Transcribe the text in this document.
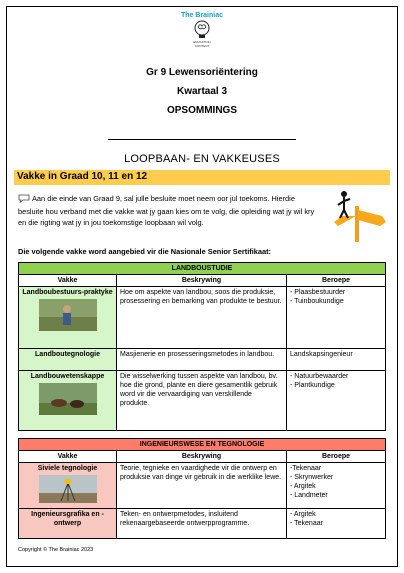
The Brainiac
EDUCATION
CONTENT
Gr 9 Lewensoriëntering
Kwartaal 3
OPSOMMINGS
LOOPBAAN- EN VAKKEUSES
Vakke in Graad 10, 11 en 12
Aan die einde van Graad 9, sal julle besluite moet neem oor jul toekoms. Hierdie besluite hou verband met die vakke wat jy gaan kies om te volg, die opleiding wat jy wil kry en die rigting wat jy in jou toekomstige loopbaan wil volg.
Die volgende vakke word aangebied vir die Nasionale Senior Sertifikaat:
LANDBOUSTUDIE		
Vakke	Beskrywing	Beroepe
Landboubestuurs-praktyke	Hoe om aspekte van landbou, soos die produksie, prosessering en bemarking van produkte te bestuur.	- Plaasbestuurder
- Tuinboukundige

Landboutegnologie	Masjienerie en prosesseringsmetodes in landbou.	Landskapsingenieur
Landbouwetenskappe	Die wisselwerking tussen aspekte van landbou, bv. hoe die grond, plante en diere gesamentlik gebruik word vir die vervaardiging van verskillende produkte.	- Natuurbewaarder
- Plantkundige
INGENIEURSWESE EN TEGNOLOGIE		
Vakke	Beskrywing	Beroepe
Siviele tegnologie	Teorie, tegnieke en vaardighede vir die ontwerp en produksie van dinge vir gebruik in die werklike lewe.	-Tekenaar
- Skrynwerker
- Argitek
- Landmeter

Ingenieursgrafika en - ontwerp	Teken- en ontwerpmetodes, insluitend rekenaargebaseerde ontwerpprogramme.	- Argitek
- Tekenaar
Copyright © The Brainiac 2023
